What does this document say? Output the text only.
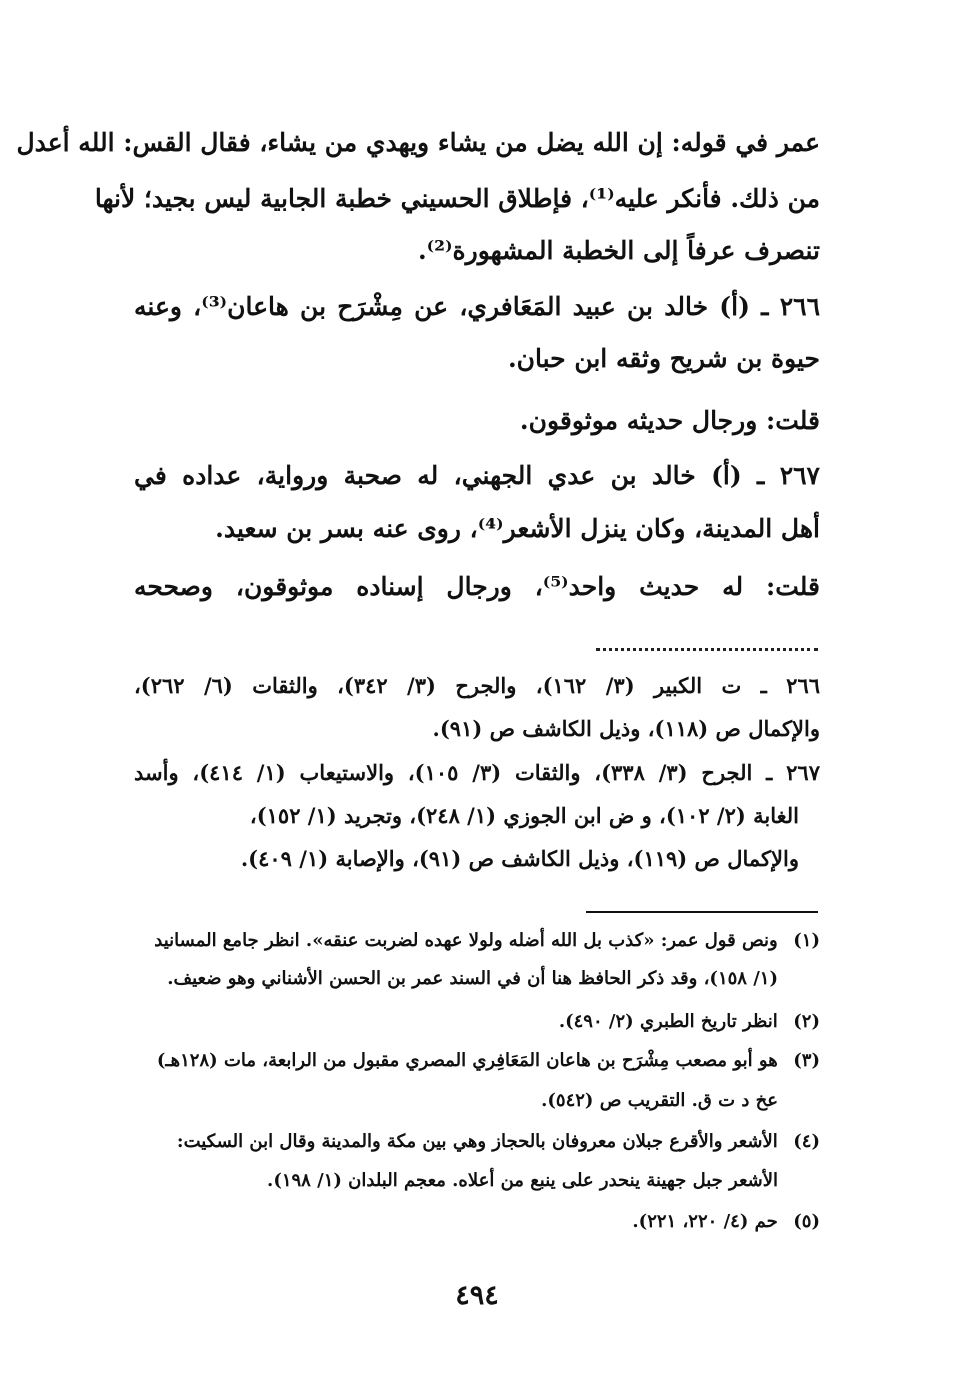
عمر في قوله: إن الله يضل من يشاء ويهدي من يشاء، فقال القس: الله أعدل
من ذلك. فأنكر عليه⁽¹⁾، فإطلاق الحسيني خطبة الجابية ليس بجيد؛ لأنها
تنصرف عرفاً إلى الخطبة المشهورة⁽²⁾.
٢٦٦ ـ (أ) خالد بن عبيد المَعَافري، عن مِشْرَح بن هاعان⁽³⁾، وعنه
حيوة بن شريح وثقه ابن حبان.
قلت: ورجال حديثه موثوقون.
٢٦٧ ـ (أ) خالد بن عدي الجهني، له صحبة ورواية، عداده في
أهل المدينة، وكان ينزل الأشعر⁽⁴⁾، روى عنه بسر بن سعيد.
قلت: له حديث واحد⁽⁵⁾، ورجال إسناده موثوقون، وصححه
٢٦٦ ـ ت الكبير (٣/ ١٦٢)، والجرح (٣/ ٣٤٢)، والثقات (٦/ ٢٦٢)،
والإكمال ص (١١٨)، وذيل الكاشف ص (٩١).
٢٦٧ ـ الجرح (٣/ ٣٣٨)، والثقات (٣/ ١٠٥)، والاستيعاب (١/ ٤١٤)، وأسد
الغابة (٢/ ١٠٢)، و ض ابن الجوزي (١/ ٢٤٨)، وتجريد (١/ ١٥٢)،
والإكمال ص (١١٩)، وذيل الكاشف ص (٩١)، والإصابة (١/ ٤٠٩).
(١) ونص قول عمر: «كذب بل الله أضله ولولا عهده لضربت عنقه». انظر جامع المسانيد
(١/ ١٥٨)، وقد ذكر الحافظ هنا أن في السند عمر بن الحسن الأشناني وهو ضعيف.
(٢) انظر تاريخ الطبري (٢/ ٤٩٠).
(٣) هو أبو مصعب مِشْرَح بن هاعان المَعَافِري المصري مقبول من الرابعة، مات (١٢٨هـ)
عخ د ت ق. التقريب ص (٥٤٢).
(٤) الأشعر والأقرع جبلان معروفان بالحجاز وهي بين مكة والمدينة وقال ابن السكيت:
الأشعر جبل جهينة ينحدر على ينبع من أعلاه. معجم البلدان (١/ ١٩٨).
(٥) حم (٤/ ٢٢٠، ٢٢١).
٤٩٤
